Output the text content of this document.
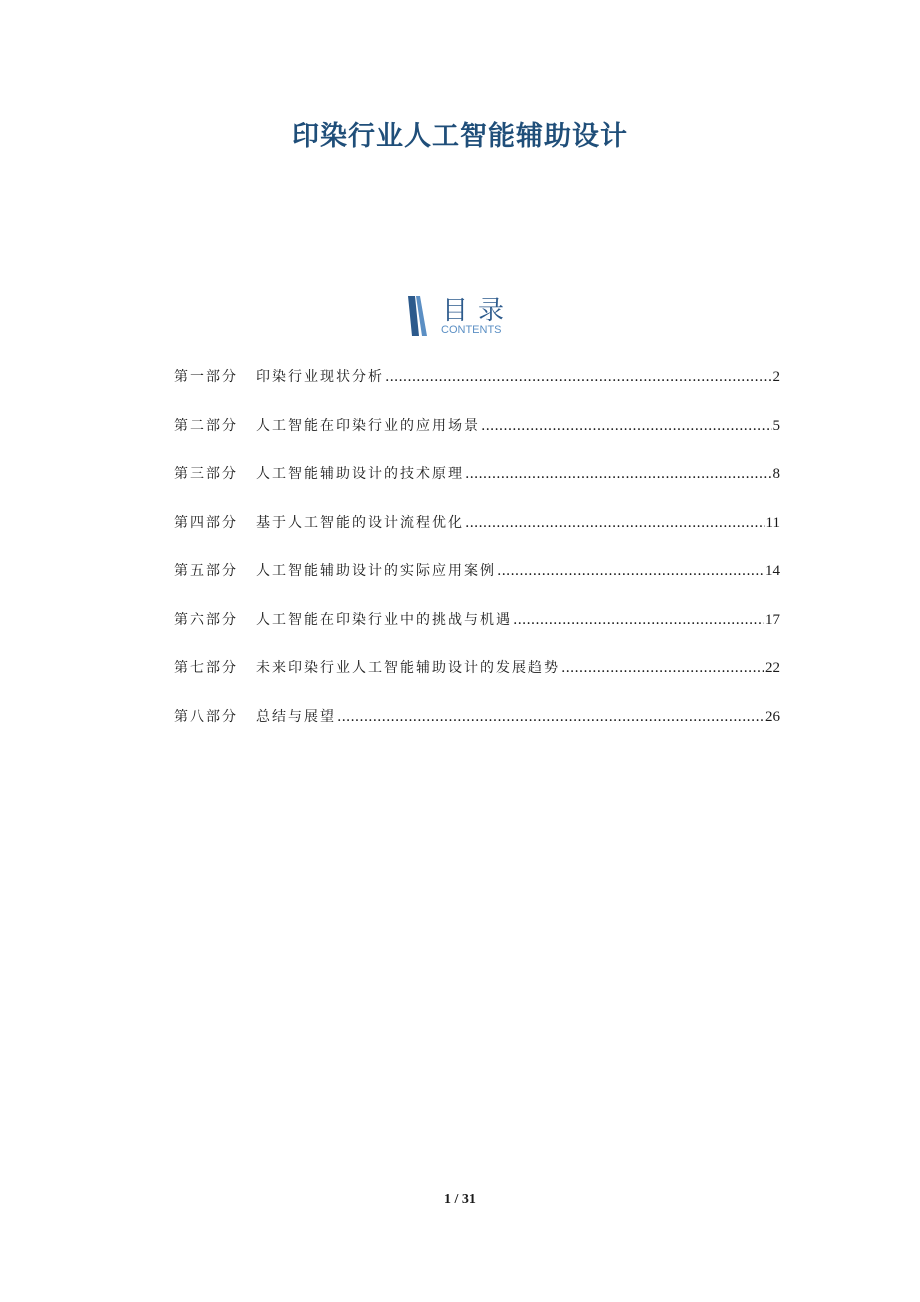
印染行业人工智能辅助设计
目录
CONTENTS
第一部分	印染行业现状分析 .....	2
第二部分	人工智能在印染行业的应用场景 .....	5
第三部分	人工智能辅助设计的技术原理 .....	8
第四部分	基于人工智能的设计流程优化 .....	11
第五部分	人工智能辅助设计的实际应用案例 .....	14
第六部分	人工智能在印染行业中的挑战与机遇 .....	17
第七部分	未来印染行业人工智能辅助设计的发展趋势 .....	22
第八部分	总结与展望 .....	26
1 / 31
